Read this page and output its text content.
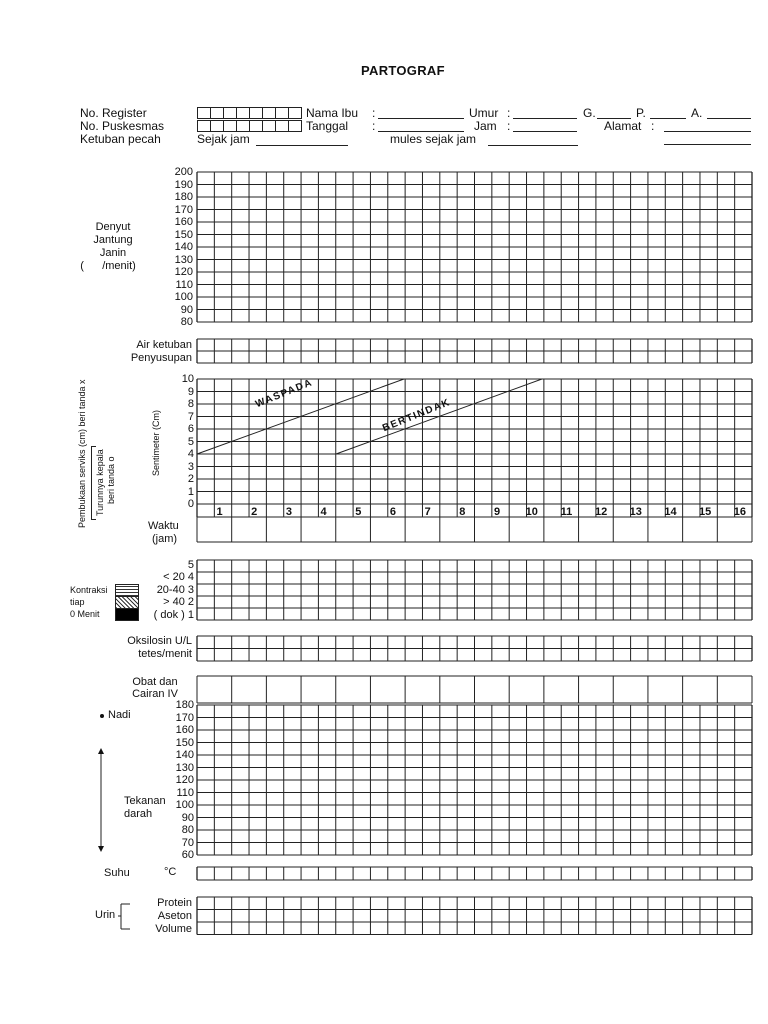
PARTOGRAF
No. Register
No. Puskesmas
Ketuban pecah	Sejak jam
Nama Ibu :
Tanggal :
mules sejak jam
Umur :
Jam :
G.	P.	A.
Alamat :
Denyut
Jantung
Janin
(      /menit)
200
190
180
170
160
150
140
130
120
110
100
90
80
Air ketuban
Penyusupan
Pembukaan serviks (cm) beri tanda x Turunnya kepala beri tanda o
Sentimeter (Cm)
10
9
8
7
6
5
4
3
2
1
0
1	2	3	4	5	6	7	8	9	10	11	12	13	14	15	16
WASPADA
BERTINDAK
Waktu
(jam)
Kontraksi
tiap
0 Menit
5
< 20 4
20-40 3
> 40 2
( dok ) 1
Oksilosin U/L
tetes/menit
Obat dan
Cairan IV
Nadi
Tekanan
darah
180
170
160
150
140
130
120
110
100
90
80
70
60
Suhu	°C
Urin
Protein
Aseton
Volume
